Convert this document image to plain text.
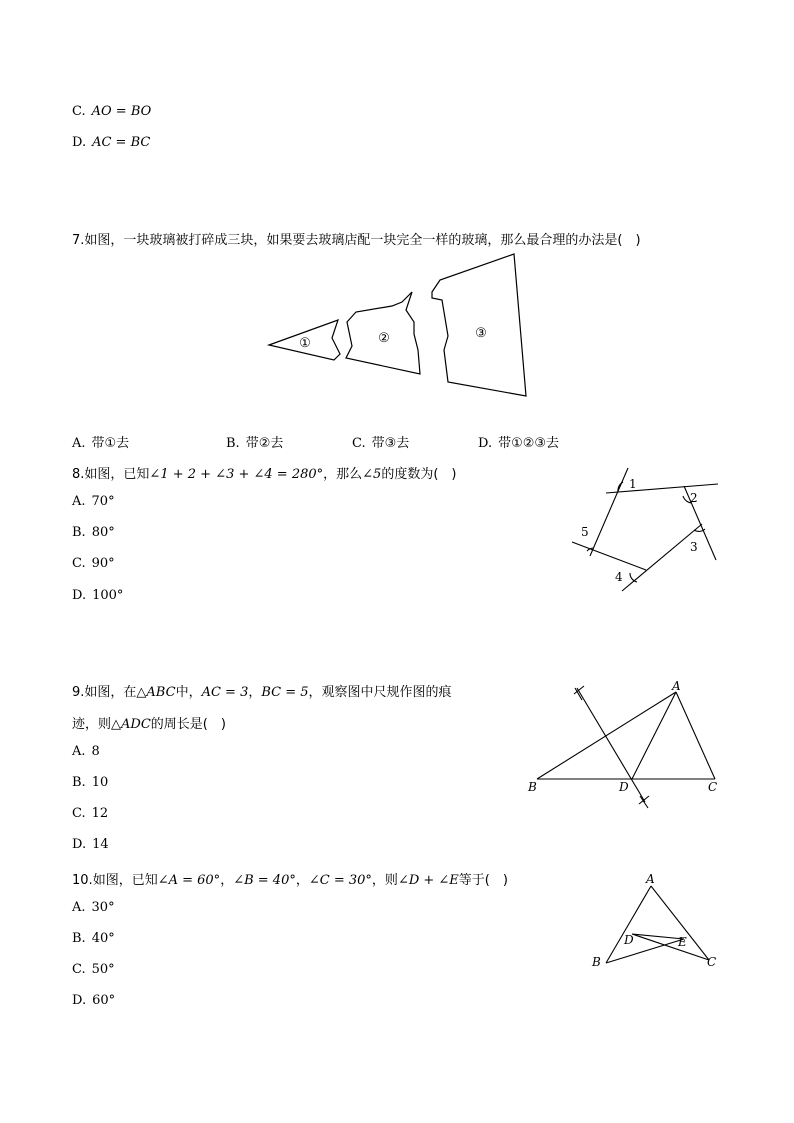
C. AO = BO
D. AC = BC
7.如图，一块玻璃被打碎成三块，如果要去玻璃店配一块完全一样的玻璃，那么最合理的办法是(　)
①	②	③
A. 带①去	B. 带②去	C. 带③去	D. 带①②③去
8.如图，已知∠1 + 2 + ∠3 + ∠4 = 280°，那么∠5的度数为(　)
A. 70°
B. 80°
C. 90°
D. 100°
1
2
3
4
5
9.如图，在△ABC中，AC = 3，BC = 5，观察图中尺规作图的痕
迹，则△ADC的周长是(　)
A. 8
B. 10
C. 12
D. 14
A
B	C
D
10.如图，已知∠A = 60°，∠B = 40°，∠C = 30°，则∠D + ∠E等于(　)
A. 30°
B. 40°
C. 50°
D. 60°
A
B	C
D	E
